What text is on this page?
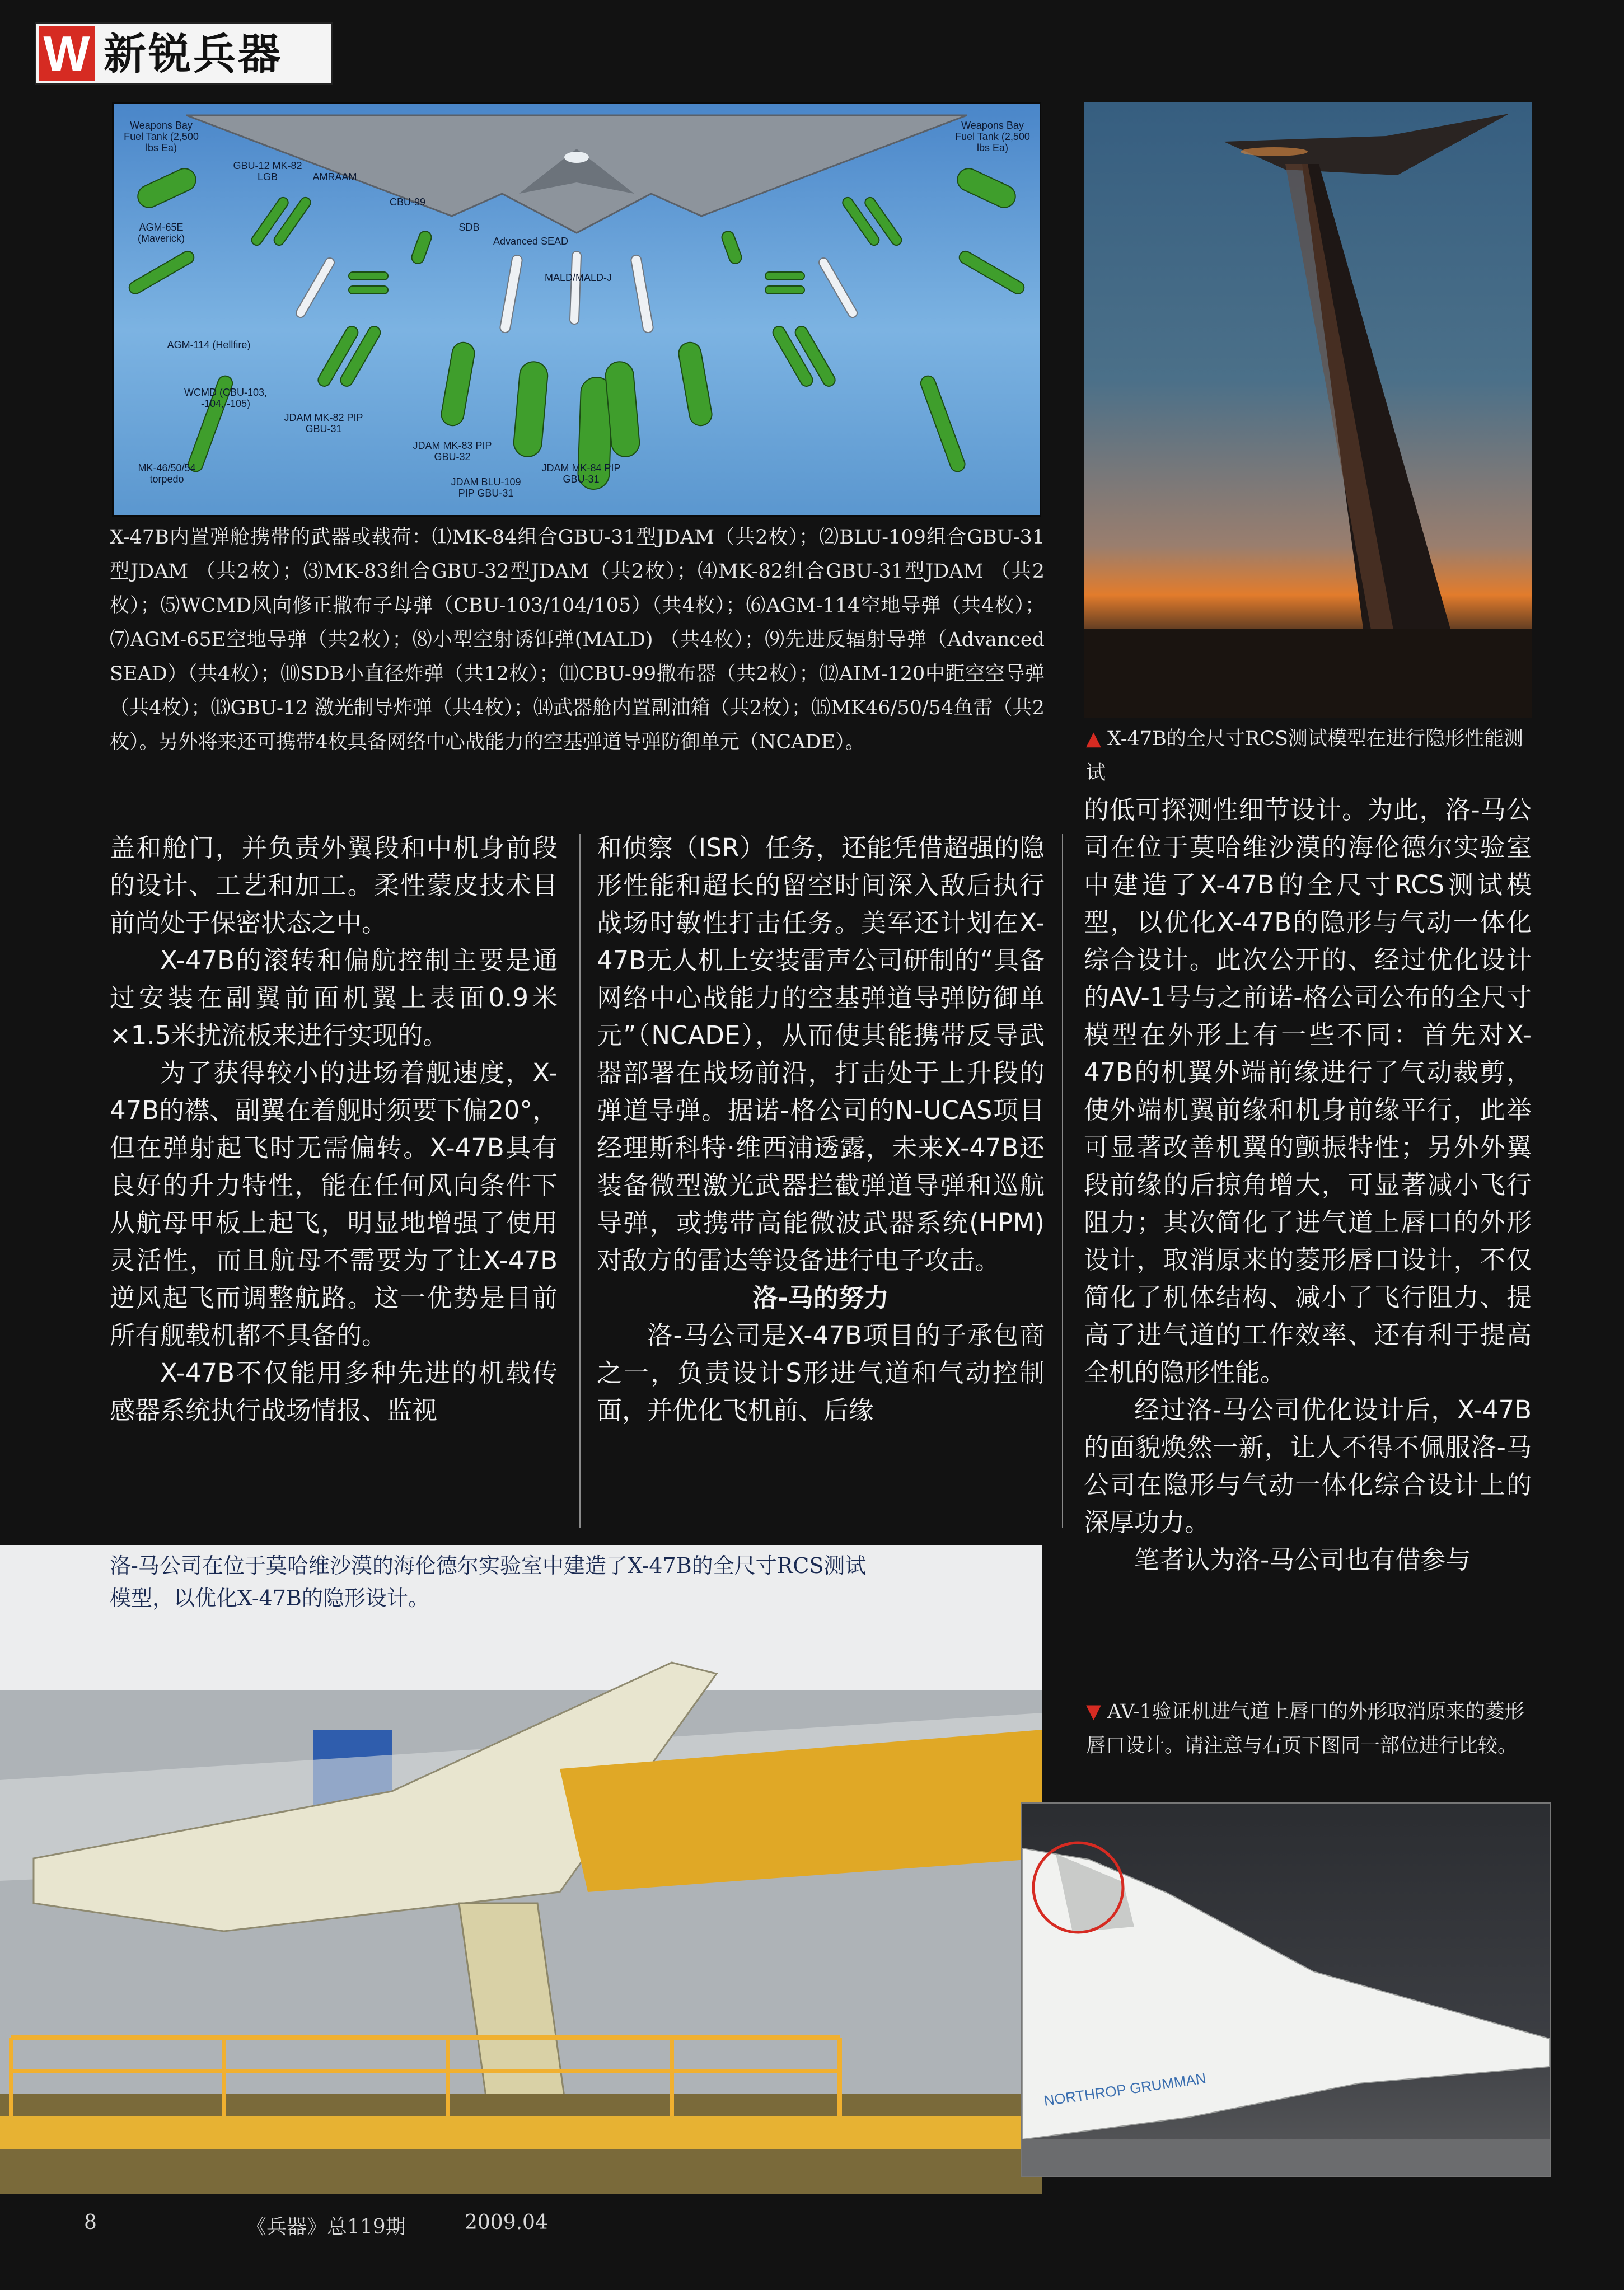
W 新锐兵器
Weapons Bay Fuel Tank (2,500 lbs Ea)
Weapons Bay Fuel Tank (2,500 lbs Ea)
GBU-12 MK-82 LGB	AMRAAM
CBU-99
SDB
Advanced SEAD
MALD/MALD-J
AGM-65E (Maverick)
AGM-114 (Hellfire)
WCMD (CBU-103, -104, -105)
JDAM MK-82 PIP GBU-31
JDAM MK-83 PIP GBU-32
JDAM BLU-109 PIP GBU-31
JDAM MK-84 PIP GBU-31
MK-46/50/54 torpedo
X-47B内置弹舱携带的武器或载荷：⑴MK-84组合GBU-31型JDAM（共2枚）；⑵BLU-109组合GBU-31型JDAM （共2枚）；⑶MK-83组合GBU-32型JDAM（共2枚）；⑷MK-82组合GBU-31型JDAM （共2枚）；⑸WCMD风向修正撒布子母弹（CBU-103/104/105）（共4枚）；⑹AGM-114空地导弹（共4枚）；⑺AGM-65E空地导弹（共2枚）；⑻小型空射诱饵弹(MALD) （共4枚）；⑼先进反辐射导弹（Advanced SEAD）（共4枚）；⑽SDB小直径炸弹（共12枚）；⑾CBU-99撒布器（共2枚）；⑿AIM-120中距空空导弹（共4枚）；⒀GBU-12 激光制导炸弹（共4枚）；⒁武器舱内置副油箱（共2枚）；⒂MK46/50/54鱼雷（共2枚）。另外将来还可携带4枚具备网络中心战能力的空基弹道导弹防御单元（NCADE）。	▲ X-47B的全尺寸RCS测试模型在进行隐形性能测试

盖和舱门，并负责外翼段和中机身前段的设计、工艺和加工。柔性蒙皮技术目前尚处于保密状态之中。

X-47B的滚转和偏航控制主要是通过安装在副翼前面机翼上表面0.9米×1.5米扰流板来进行实现的。

为了获得较小的进场着舰速度，X-47B的襟、副翼在着舰时须要下偏20°，但在弹射起飞时无需偏转。X-47B具有良好的升力特性，能在任何风向条件下从航母甲板上起飞，明显地增强了使用灵活性，而且航母不需要为了让X-47B逆风起飞而调整航路。这一优势是目前所有舰载机都不具备的。

X-47B不仅能用多种先进的机载传感器系统执行战场情报、监视

和侦察（ISR）任务，还能凭借超强的隐形性能和超长的留空时间深入敌后执行战场时敏性打击任务。美军还计划在X-47B无人机上安装雷声公司研制的“具备网络中心战能力的空基弹道导弹防御单元”（NCADE），从而使其能携带反导武器部署在战场前沿，打击处于上升段的弹道导弹。据诺-格公司的N-UCAS项目经理斯科特·维西浦透露，未来X-47B还装备微型激光武器拦截弹道导弹和巡航导弹，或携带高能微波武器系统(HPM)对敌方的雷达等设备进行电子攻击。

洛-马的努力

洛-马公司是X-47B项目的子承包商之一，负责设计S形进气道和气动控制面，并优化飞机前、后缘

的低可探测性细节设计。为此，洛-马公司在位于莫哈维沙漠的海伦德尔实验室中建造了X-47B的全尺寸RCS测试模型，以优化X-47B的隐形与气动一体化综合设计。此次公开的、经过优化设计的AV-1号与之前诺-格公司公布的全尺寸模型在外形上有一些不同：首先对X-47B的机翼外端前缘进行了气动裁剪，使外端机翼前缘和机身前缘平行，此举可显著改善机翼的颤振特性；另外外翼段前缘的后掠角增大，可显著减小飞行阻力；其次简化了进气道上唇口的外形设计，取消原来的菱形唇口设计，不仅简化了机体结构、减小了飞行阻力、提高了进气道的工作效率、还有利于提高全机的隐形性能。

经过洛-马公司优化设计后，X-47B的面貌焕然一新，让人不得不佩服洛-马公司在隐形与气动一体化综合设计上的深厚功力。

笔者认为洛-马公司也有借参与

洛-马公司在位于莫哈维沙漠的海伦德尔实验室中建造了X-47B的全尺寸RCS测试模型，以优化X-47B的隐形设计。
▼ AV-1验证机进气道上唇口的外形取消原来的菱形唇口设计。请注意与右页下图同一部位进行比较。
NORTHROP GRUMMAN
8	《兵器》总119期	2009.04
